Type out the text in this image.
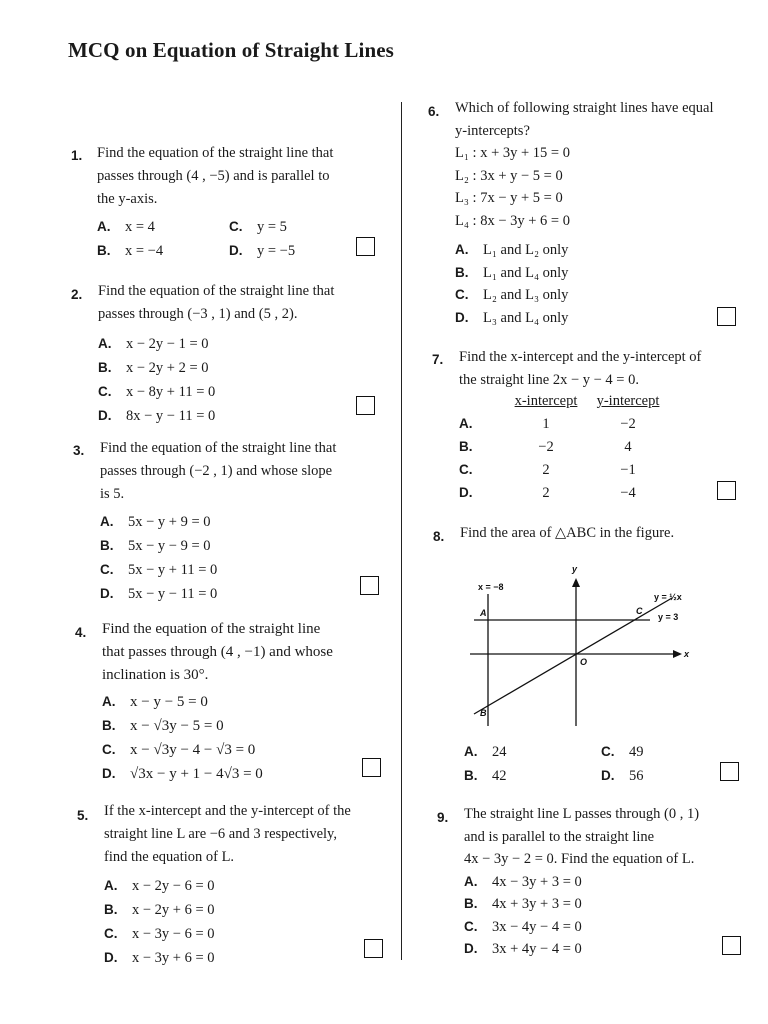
MCQ on Equation of Straight Lines
1. Find the equation of the straight line that
passes through (4 , −5) and is parallel to
the y-axis.
A.	x = 4	C.	y = 5
B.	x = −4	D.	y = −5
2. Find the equation of the straight line that
passes through (−3 , 1) and (5 , 2).
A.	x − 2y − 1 = 0
B.	x − 2y + 2 = 0
C.	x − 8y + 11 = 0
D.	8x − y − 11 = 0
3. Find the equation of the straight line that
passes through (−2 , 1) and whose slope
is 5.
A.	5x − y + 9 = 0
B.	5x − y − 9 = 0
C.	5x − y + 11 = 0
D.	5x − y − 11 = 0
4. Find the equation of the straight line
that passes through (4 , −1) and whose
inclination is 30°.
A. x − y − 5 = 0
B. x − √3y − 5 = 0
C. x − √3y − 4 − √3 = 0
D. √3x − y + 1 − 4√3 = 0
5. If the x-intercept and the y-intercept of the
straight line L are −6 and 3 respectively,
find the equation of L.
A.	x − 2y − 6 = 0
B.	x − 2y + 6 = 0
C.	x − 3y − 6 = 0
D.	x − 3y + 6 = 0
6. Which of following straight lines have equal
y-intercepts?
L₁ : x + 3y + 15 = 0
L₂ : 3x + y − 5 = 0
L₃ : 7x − y + 5 = 0
L₄ : 8x − 3y + 6 = 0
A.	L₁ and L₂ only
B.	L₁ and L₄ only
C.	L₂ and L₃ only
D.	L₃ and L₄ only
7. Find the x-intercept and the y-intercept of
the straight line 2x − y − 4 = 0.
x-intercept	y-intercept
A.	1	−2
B.	−2	4
C.	2	−1
D.	2	−4
8. Find the area of △ABC in the figure.
x = −8
y
x
y = ½x
y = 3
A
B
C
O
A.	24	C.	49
B.	42	D.	56
9. The straight line L passes through (0 , 1)
and is parallel to the straight line
4x − 3y − 2 = 0. Find the equation of L.
A.	4x − 3y + 3 = 0
B.	4x + 3y + 3 = 0
C.	3x − 4y − 4 = 0
D.	3x + 4y − 4 = 0
